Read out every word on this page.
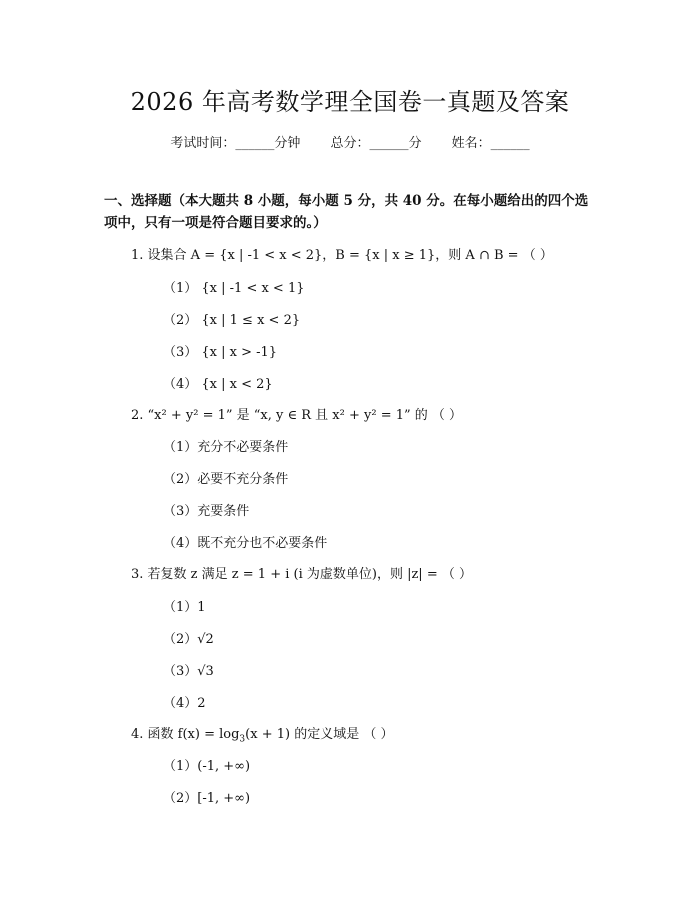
2026 年高考数学理全国卷一真题及答案
考试时间：______分钟 总分：______分 姓名：______
一、选择题（本大题共 8 小题，每小题 5 分，共 40 分。在每小题给出的四个选项中，只有一项是符合题目要求的。）
1. 设集合 A = {x | -1 < x < 2}，B = {x | x ≥ 1}，则 A ∩ B = （ ）
（1） {x | -1 < x < 1}
（2） {x | 1 ≤ x < 2}
（3） {x | x > -1}
（4） {x | x < 2}
2. “x² + y² = 1” 是 “x, y ∈ R 且 x² + y² = 1” 的 （ ）
（1）充分不必要条件
（2）必要不充分条件
（3）充要条件
（4）既不充分也不必要条件
3. 若复数 z 满足 z = 1 + i (i 为虚数单位)，则 |z| = （ ）
（1）1
（2）√2
（3）√3
（4）2
4. 函数 $f(x) = \log_3(x + 1)$ 的定义域是 （ ）
（1）(-1, +∞)
（2）[-1, +∞)
